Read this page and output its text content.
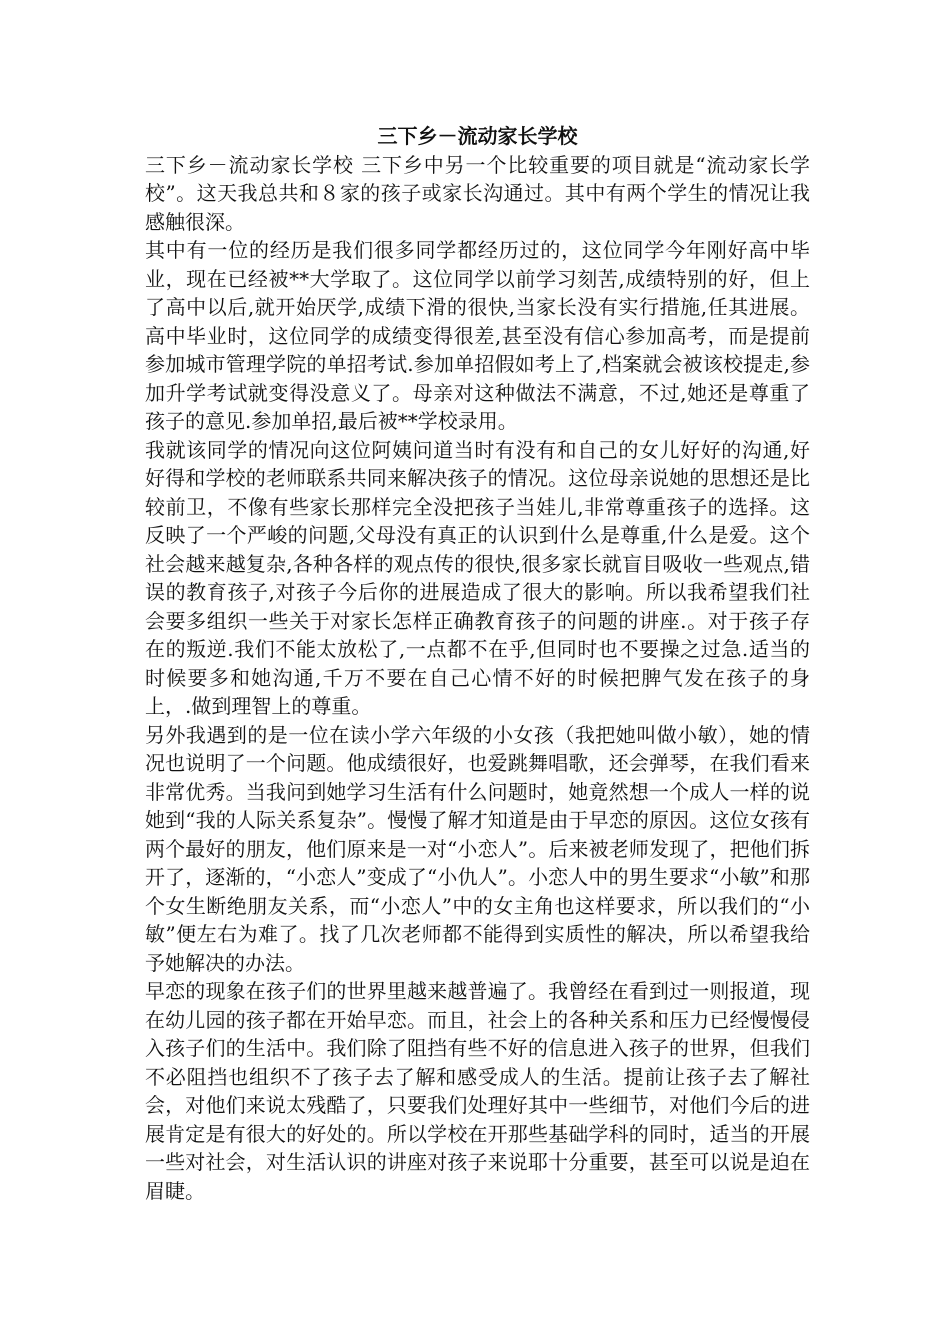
三下乡－流动家长学校
三下乡－流动家长学校 三下乡中另一个比较重要的项目就是“流动家长学校”。这天我总共和８家的孩子或家长沟通过。其中有两个学生的情况让我感触很深。
其中有一位的经历是我们很多同学都经历过的，这位同学今年刚好高中毕业，现在已经被**大学取了。这位同学以前学习刻苦,成绩特别的好，但上了高中以后,就开始厌学,成绩下滑的很快,当家长没有实行措施,任其进展。高中毕业时，这位同学的成绩变得很差,甚至没有信心参加高考，而是提前参加城市管理学院的单招考试.参加单招假如考上了,档案就会被该校提走,参加升学考试就变得没意义了。母亲对这种做法不满意，不过,她还是尊重了孩子的意见.参加单招,最后被**学校录用。
我就该同学的情况向这位阿姨问道当时有没有和自己的女儿好好的沟通,好好得和学校的老师联系共同来解决孩子的情况。这位母亲说她的思想还是比较前卫，不像有些家长那样完全没把孩子当娃儿,非常尊重孩子的选择。这反映了一个严峻的问题,父母没有真正的认识到什么是尊重,什么是爱。这个社会越来越复杂,各种各样的观点传的很快,很多家长就盲目吸收一些观点,错误的教育孩子,对孩子今后你的进展造成了很大的影响。所以我希望我们社会要多组织一些关于对家长怎样正确教育孩子的问题的讲座.。对于孩子存在的叛逆.我们不能太放松了,一点都不在乎,但同时也不要操之过急.适当的时候要多和她沟通,千万不要在自己心情不好的时候把脾气发在孩子的身上，.做到理智上的尊重。
另外我遇到的是一位在读小学六年级的小女孩（我把她叫做小敏），她的情况也说明了一个问题。他成绩很好，也爱跳舞唱歌，还会弹琴，在我们看来非常优秀。当我问到她学习生活有什么问题时，她竟然想一个成人一样的说她到“我的人际关系复杂”。慢慢了解才知道是由于早恋的原因。这位女孩有两个最好的朋友，他们原来是一对“小恋人”。后来被老师发现了，把他们拆开了，逐渐的，“小恋人”变成了“小仇人”。小恋人中的男生要求“小敏”和那个女生断绝朋友关系，而“小恋人”中的女主角也这样要求，所以我们的“小敏”便左右为难了。找了几次老师都不能得到实质性的解决，所以希望我给予她解决的办法。
早恋的现象在孩子们的世界里越来越普遍了。我曾经在看到过一则报道，现在幼儿园的孩子都在开始早恋。而且，社会上的各种关系和压力已经慢慢侵入孩子们的生活中。我们除了阻挡有些不好的信息进入孩子的世界，但我们不必阻挡也组织不了孩子去了解和感受成人的生活。提前让孩子去了解社会，对他们来说太残酷了，只要我们处理好其中一些细节，对他们今后的进展肯定是有很大的好处的。所以学校在开那些基础学科的同时，适当的开展一些对社会，对生活认识的讲座对孩子来说耶十分重要，甚至可以说是迫在眉睫。
